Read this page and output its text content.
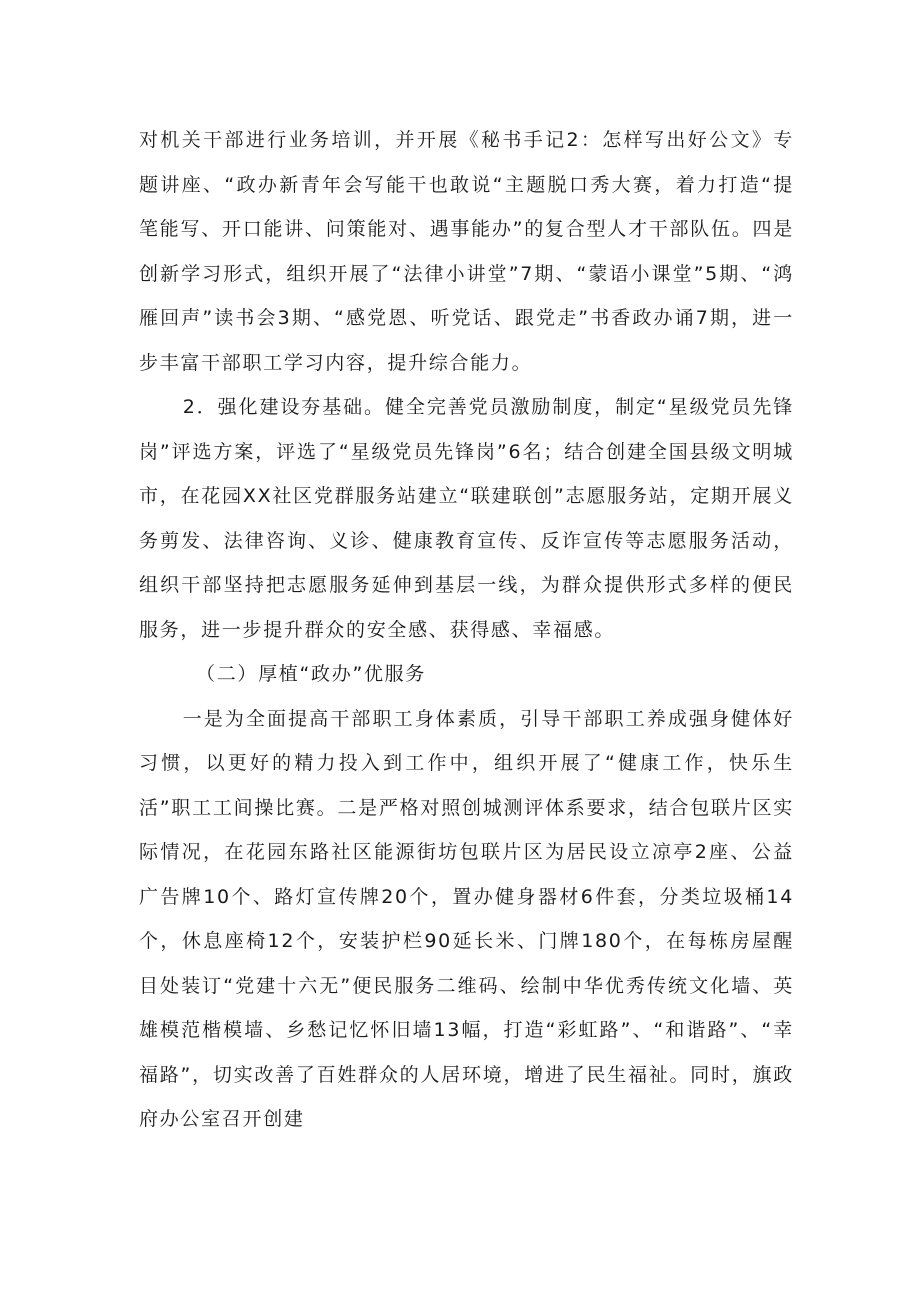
对机关干部进行业务培训，并开展《秘书手记2：怎样写出好公文》专题讲座、“政办新青年会写能干也敢说“主题脱口秀大赛，着力打造“提笔能写、开口能讲、问策能对、遇事能办”的复合型人才干部队伍。四是创新学习形式，组织开展了“法律小讲堂”7期、“蒙语小课堂”5期、“鸿雁回声”读书会3期、“感党恩、听党话、跟党走”书香政办诵7期，进一步丰富干部职工学习内容，提升综合能力。

2．强化建设夯基础。健全完善党员激励制度，制定“星级党员先锋岗”评选方案，评选了“星级党员先锋岗”6名；结合创建全国县级文明城市，在花园XX社区党群服务站建立“联建联创”志愿服务站，定期开展义务剪发、法律咨询、义诊、健康教育宣传、反诈宣传等志愿服务活动，组织干部坚持把志愿服务延伸到基层一线，为群众提供形式多样的便民服务，进一步提升群众的安全感、获得感、幸福感。

（二）厚植“政办”优服务

一是为全面提高干部职工身体素质，引导干部职工养成强身健体好习惯，以更好的精力投入到工作中，组织开展了“健康工作，快乐生活”职工工间操比赛。二是严格对照创城测评体系要求，结合包联片区实际情况，在花园东路社区能源街坊包联片区为居民设立凉亭2座、公益广告牌10个、路灯宣传牌20个，置办健身器材6件套，分类垃圾桶14个，休息座椅12个，安装护栏90延长米、门牌180个，在每栋房屋醒目处装订“党建十六无”便民服务二维码、绘制中华优秀传统文化墙、英雄模范楷模墙、乡愁记忆怀旧墙13幅，打造“彩虹路”、“和谐路”、“幸福路”，切实改善了百姓群众的人居环境，增进了民生福祉。同时，旗政府办公室召开创建
